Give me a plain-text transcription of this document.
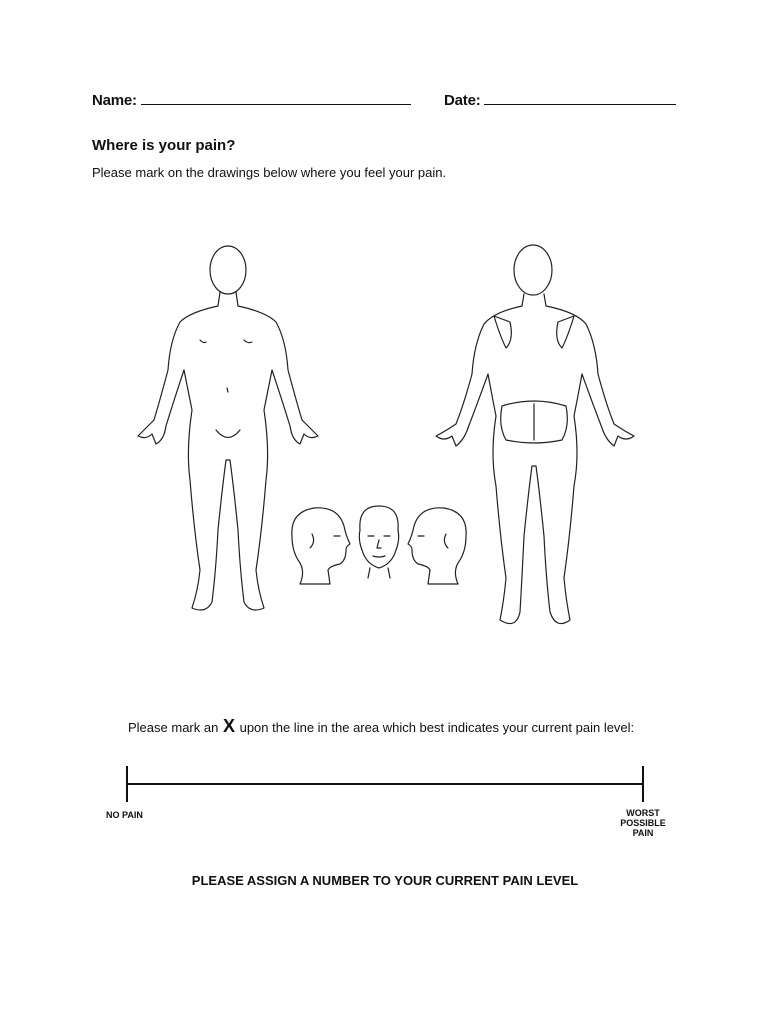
Name:	Date:
Where is your pain?
Please mark on the drawings below where you feel your pain.
Please mark an X upon the line in the area which best indicates your current pain level:
NO PAIN	WORST
POSSIBLE
PAIN
PLEASE ASSIGN A NUMBER TO YOUR CURRENT PAIN LEVEL
